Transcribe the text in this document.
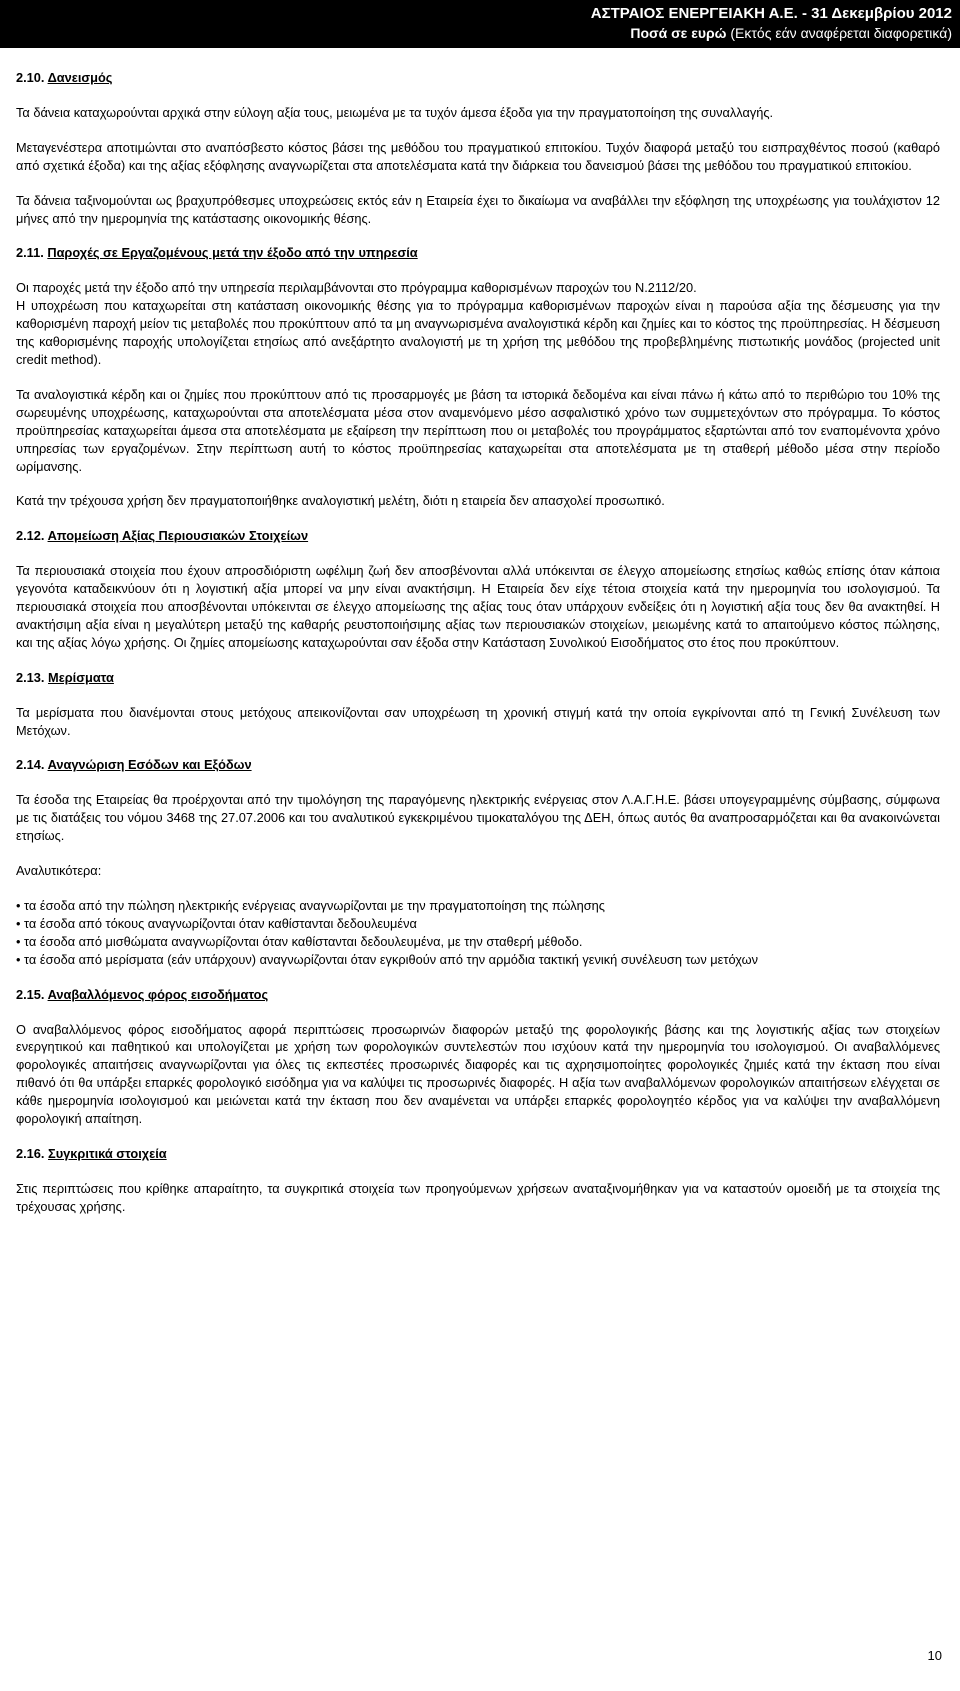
ΑΣΤΡΑΙΟΣ ΕΝΕΡΓΕΙΑΚΗ Α.Ε. - 31 Δεκεμβρίου 2012
Ποσά σε ευρώ (Εκτός εάν αναφέρεται διαφορετικά)
2.10. Δανεισμός

Τα δάνεια καταχωρούνται αρχικά στην εύλογη αξία τους, μειωμένα με τα τυχόν άμεσα έξοδα για την πραγματοποίηση της συναλλαγής.

Μεταγενέστερα αποτιμώνται στο αναπόσβεστο κόστος βάσει της μεθόδου του πραγματικού επιτοκίου. Τυχόν διαφορά μεταξύ του εισπραχθέντος ποσού (καθαρό από σχετικά έξοδα) και της αξίας εξόφλησης αναγνωρίζεται στα αποτελέσματα κατά την διάρκεια του δανεισμού βάσει της μεθόδου του πραγματικού επιτοκίου.

Τα δάνεια ταξινομούνται ως βραχυπρόθεσμες υποχρεώσεις εκτός εάν η Εταιρεία έχει το δικαίωμα να αναβάλλει την εξόφληση της υποχρέωσης για τουλάχιστον 12 μήνες από την ημερομηνία της κατάστασης οικονομικής θέσης.

2.11. Παροχές σε Εργαζομένους μετά την έξοδο από την υπηρεσία

Οι παροχές μετά την έξοδο από την υπηρεσία περιλαμβάνονται στο πρόγραμμα καθορισμένων παροχών του Ν.2112/20.

Η υποχρέωση που καταχωρείται στη κατάσταση οικονομικής θέσης για το πρόγραμμα καθορισμένων παροχών είναι η παρούσα αξία της δέσμευσης για την καθορισμένη παροχή μείον τις μεταβολές που προκύπτουν από τα μη αναγνωρισμένα αναλογιστικά κέρδη και ζημίες και το κόστος της προϋπηρεσίας. Η δέσμευση της καθορισμένης παροχής υπολογίζεται ετησίως από ανεξάρτητο αναλογιστή με τη χρήση της μεθόδου της προβεβλημένης πιστωτικής μονάδος (projected unit credit method).

Τα αναλογιστικά κέρδη και οι ζημίες που προκύπτουν από τις προσαρμογές με βάση τα ιστορικά δεδομένα και είναι πάνω ή κάτω από το περιθώριο του 10% της σωρευμένης υποχρέωσης, καταχωρούνται στα αποτελέσματα μέσα στον αναμενόμενο μέσο ασφαλιστικό χρόνο των συμμετεχόντων στο πρόγραμμα. Το κόστος προϋπηρεσίας καταχωρείται άμεσα στα αποτελέσματα με εξαίρεση την περίπτωση που οι μεταβολές του προγράμματος εξαρτώνται από τον εναπομένοντα χρόνο υπηρεσίας των εργαζομένων. Στην περίπτωση αυτή το κόστος προϋπηρεσίας καταχωρείται στα αποτελέσματα με τη σταθερή μέθοδο μέσα στην περίοδο ωρίμανσης.

Κατά την τρέχουσα χρήση δεν πραγματοποιήθηκε αναλογιστική μελέτη, διότι η εταιρεία δεν απασχολεί προσωπικό.

2.12. Απομείωση Αξίας Περιουσιακών Στοιχείων

Τα περιουσιακά στοιχεία που έχουν απροσδιόριστη ωφέλιμη ζωή δεν αποσβένονται αλλά υπόκεινται σε έλεγχο απομείωσης ετησίως καθώς επίσης όταν κάποια γεγονότα καταδεικνύουν ότι η λογιστική αξία μπορεί να μην είναι ανακτήσιμη. Η Εταιρεία δεν είχε τέτοια στοιχεία κατά την ημερομηνία του ισολογισμού. Τα περιουσιακά στοιχεία που αποσβένονται υπόκεινται σε έλεγχο απομείωσης της αξίας τους όταν υπάρχουν ενδείξεις ότι η λογιστική αξία τους δεν θα ανακτηθεί. Η ανακτήσιμη αξία είναι η μεγαλύτερη μεταξύ της καθαρής ρευστοποιήσιμης αξίας των περιουσιακών στοιχείων, μειωμένης κατά το απαιτούμενο κόστος πώλησης, και της αξίας λόγω χρήσης. Οι ζημίες απομείωσης καταχωρούνται σαν έξοδα στην Κατάσταση Συνολικού Εισοδήματος στο έτος που προκύπτουν.

2.13. Μερίσματα

Τα μερίσματα που διανέμονται στους μετόχους απεικονίζονται σαν υποχρέωση τη χρονική στιγμή κατά την οποία εγκρίνονται από τη Γενική Συνέλευση των Μετόχων.

2.14. Αναγνώριση Εσόδων και Εξόδων

Τα έσοδα της Εταιρείας θα προέρχονται από την τιμολόγηση της παραγόμενης ηλεκτρικής ενέργειας στον Λ.Α.Γ.Η.Ε. βάσει υπογεγραμμένης σύμβασης, σύμφωνα με τις διατάξεις του νόμου 3468 της 27.07.2006 και του αναλυτικού εγκεκριμένου τιμοκαταλόγου της ΔΕΗ, όπως αυτός θα αναπροσαρμόζεται και θα ανακοινώνεται ετησίως.

Αναλυτικότερα:

• τα έσοδα από την πώληση ηλεκτρικής ενέργειας αναγνωρίζονται με την πραγματοποίηση της πώλησης
• τα έσοδα από τόκους αναγνωρίζονται όταν καθίστανται δεδουλευμένα
• τα έσοδα από μισθώματα αναγνωρίζονται όταν καθίστανται δεδουλευμένα, με την σταθερή μέθοδο.
• τα έσοδα από μερίσματα (εάν υπάρχουν) αναγνωρίζονται όταν εγκριθούν από την αρμόδια τακτική γενική συνέλευση των μετόχων
2.15. Αναβαλλόμενος φόρος εισοδήματος

Ο αναβαλλόμενος φόρος εισοδήματος αφορά περιπτώσεις προσωρινών διαφορών μεταξύ της φορολογικής βάσης και της λογιστικής αξίας των στοιχείων ενεργητικού και παθητικού και υπολογίζεται με χρήση των φορολογικών συντελεστών που ισχύουν κατά την ημερομηνία του ισολογισμού. Οι αναβαλλόμενες φορολογικές απαιτήσεις αναγνωρίζονται για όλες τις εκπεστέες προσωρινές διαφορές και τις αχρησιμοποίητες φορολογικές ζημιές κατά την έκταση που είναι πιθανό ότι θα υπάρξει επαρκές φορολογικό εισόδημα για να καλύψει τις προσωρινές διαφορές. Η αξία των αναβαλλόμενων φορολογικών απαιτήσεων ελέγχεται σε κάθε ημερομηνία ισολογισμού και μειώνεται κατά την έκταση που δεν αναμένεται να υπάρξει επαρκές φορολογητέο κέρδος για να καλύψει την αναβαλλόμενη φορολογική απαίτηση.

2.16. Συγκριτικά στοιχεία

Στις περιπτώσεις που κρίθηκε απαραίτητο, τα συγκριτικά στοιχεία των προηγούμενων χρήσεων αναταξινομήθηκαν για να καταστούν ομοειδή με τα στοιχεία της τρέχουσας χρήσης.

10
